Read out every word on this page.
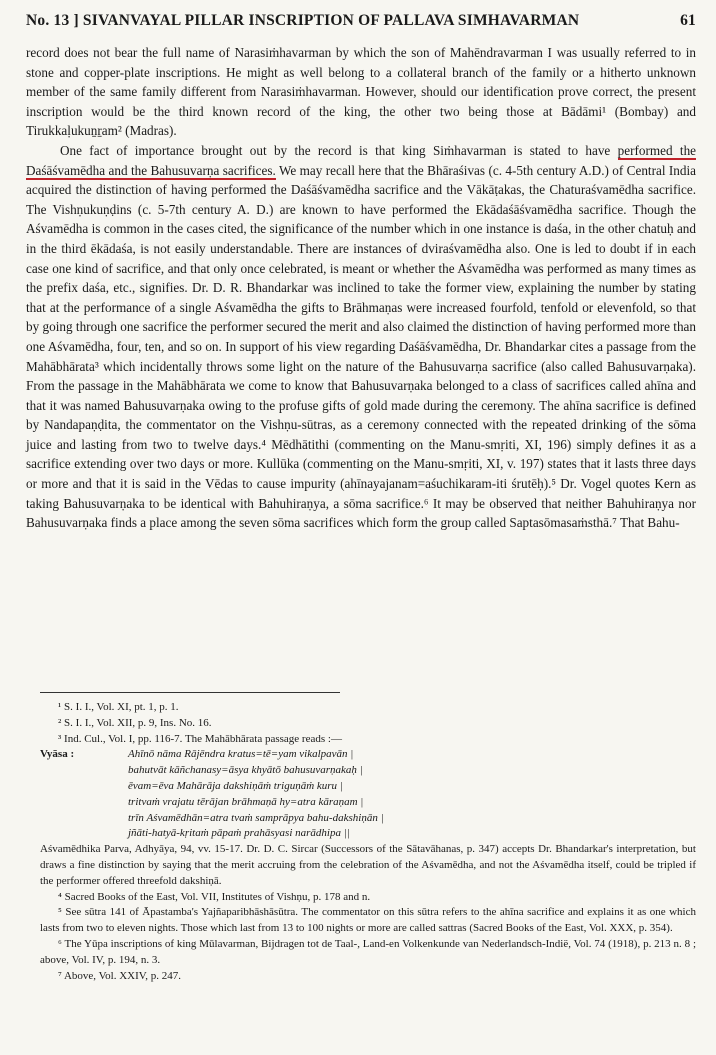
No. 13 ] SIVANVAYAL PILLAR INSCRIPTION OF PALLAVA SIMHAVARMAN	61

record does not bear the full name of Narasiṁhavarman by which the son of Mahēndravarman I was usually referred to in stone and copper-plate inscriptions. He might as well belong to a collateral branch of the family or a hitherto unknown member of the same family different from Narasiṁhavarman. However, should our identification prove correct, the present inscription would be the third known record of the king, the other two being those at Bādāmi¹ (Bombay) and Tirukkaḷukuṉṟam² (Madras).

One fact of importance brought out by the record is that king Siṁhavarman is stated to have performed the Daśāśvamēdha and the Bahusuvarṇa sacrifices. We may recall here that the Bhāraśivas (c. 4-5th century A.D.) of Central India acquired the distinction of having performed the Daśāśvamēdha sacrifice and the Vākāṭakas, the Chaturaśvamēdha sacrifice. The Vishṇukuṇḍins (c. 5-7th century A. D.) are known to have performed the Ekādaśāśvamēdha sacrifice. Though the Aśvamēdha is common in the cases cited, the significance of the number which in one instance is daśa, in the other chatuḥ and in the third ēkādaśa, is not easily understandable. There are instances of dviraśvamēdha also. One is led to doubt if in each case one kind of sacrifice, and that only once celebrated, is meant or whether the Aśvamēdha was performed as many times as the prefix daśa, etc., signifies. Dr. D. R. Bhandarkar was inclined to take the former view, explaining the number by stating that at the performance of a single Aśvamēdha the gifts to Brāhmaṇas were increased fourfold, tenfold or elevenfold, so that by going through one sacrifice the performer secured the merit and also claimed the distinction of having performed more than one Aśvamēdha, four, ten, and so on. In support of his view regarding Daśāśvamēdha, Dr. Bhandarkar cites a passage from the Mahābhārata³ which incidentally throws some light on the nature of the Bahusuvarṇa sacrifice (also called Bahusuvarṇaka). From the passage in the Mahābhārata we come to know that Bahusuvarṇaka belonged to a class of sacrifices called ahīna and that it was named Bahusuvarṇaka owing to the profuse gifts of gold made during the ceremony. The ahīna sacrifice is defined by Nandapaṇḍita, the commentator on the Vishṇu-sūtras, as a ceremony connected with the repeated drinking of the sōma juice and lasting from two to twelve days.⁴ Mēdhātithi (commenting on the Manu-smṛiti, XI, 196) simply defines it as a sacrifice extending over two days or more. Kullūka (commenting on the Manu-smṛiti, XI, v. 197) states that it lasts three days or more and that it is said in the Vēdas to cause impurity (ahīnayajanam=aśuchikaram-iti śrutēḥ).⁵ Dr. Vogel quotes Kern as taking Bahusuvarṇaka to be identical with Bahuhiraṇya, a sōma sacrifice.⁶ It may be observed that neither Bahuhiraṇya nor Bahusuvarṇaka finds a place among the seven sōma sacrifices which form the group called Saptasōmasaṁsthā.⁷ That Bahu-

¹ S. I. I., Vol. XI, pt. 1, p. 1.

² S. I. I., Vol. XII, p. 9, Ins. No. 16.

³ Ind. Cul., Vol. I, pp. 116-7. The Mahābhārata passage reads :—

Vyāsa :	Ahīnō nāma Rājēndra kratus=tē=yam vikalpavān |
bahutvāt kāñchanasy=āsya khyātō bahusuvarṇakaḥ |
ēvam=ēva Mahārāja dakshiṇāṁ triguṇāṁ kuru |
tritvaṁ vrajatu tērājan brāhmaṇā hy=atra kāraṇam |
trīn Aśvamēdhān=atra tvaṁ samprāpya bahu-dakshiṇān |
jñāti-hatyā-kṛitaṁ pāpaṁ prahāsyasi narādhipa ||

Aśvamēdhika Parva, Adhyāya, 94, vv. 15-17. Dr. D. C. Sircar (Successors of the Sātavāhanas, p. 347) accepts Dr. Bhandarkar's interpretation, but draws a fine distinction by saying that the merit accruing from the celebration of the Aśvamēdha, and not the Aśvamēdha itself, could be tripled if the performer offered threefold dakshiṇā.

⁴ Sacred Books of the East, Vol. VII, Institutes of Vishṇu, p. 178 and n.

⁵ See sūtra 141 of Āpastamba's Yajñaparibhāshāsūtra. The commentator on this sūtra refers to the ahīna sacrifice and explains it as one which lasts from two to eleven nights. Those which last from 13 to 100 nights or more are called sattras (Sacred Books of the East, Vol. XXX, p. 354).

⁶ The Yūpa inscriptions of king Mūlavarman, Bijdragen tot de Taal-, Land-en Volkenkunde van Nederlandsch-Indië, Vol. 74 (1918), p. 213 n. 8 ; above, Vol. IV, p. 194, n. 3.

⁷ Above, Vol. XXIV, p. 247.
